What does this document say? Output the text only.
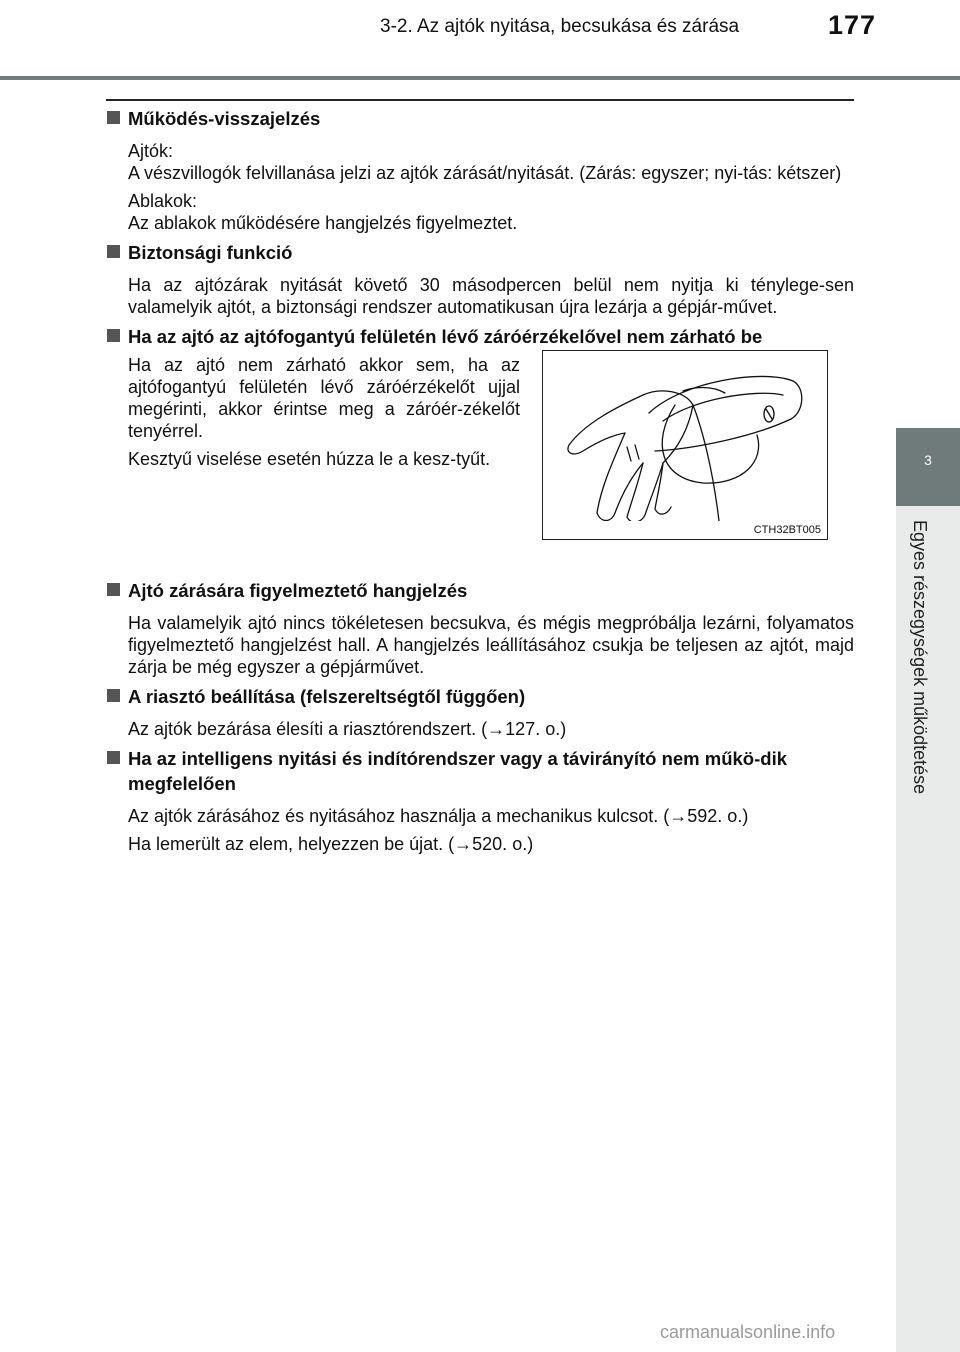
3-2. Az ajtók nyitása, becsukása és zárása	177
3
Egyes részegységek működtetése
Működés-visszajelzés

Ajtók:

A vészvillogók felvillanása jelzi az ajtók zárását/nyitását. (Zárás: egyszer; nyi-tás: kétszer)

Ablakok:

Az ablakok működésére hangjelzés figyelmeztet.

Biztonsági funkció

Ha az ajtózárak nyitását követő 30 másodpercen belül nem nyitja ki ténylege-sen valamelyik ajtót, a biztonsági rendszer automatikusan újra lezárja a gépjár-művet.

Ha az ajtó az ajtófogantyú felületén lévő záróérzékelővel nem zárható be

Ha az ajtó nem zárható akkor sem, ha az ajtófogantyú felületén lévő záróérzékelőt ujjal megérinti, akkor érintse meg a záróér-zékelőt tenyérrel.

Kesztyű viselése esetén húzza le a kesz-tyűt.

CTH32BT005
Ajtó zárására figyelmeztető hangjelzés

Ha valamelyik ajtó nincs tökéletesen becsukva, és mégis megpróbálja lezárni, folyamatos figyelmeztető hangjelzést hall. A hangjelzés leállításához csukja be teljesen az ajtót, majd zárja be még egyszer a gépjárművet.

A riasztó beállítása (felszereltségtől függően)

Az ajtók bezárása élesíti a riasztórendszert. (→127. o.)

Ha az intelligens nyitási és indítórendszer vagy a távirányító nem műkö-dik megfelelően

Az ajtók zárásához és nyitásához használja a mechanikus kulcsot. (→592. o.)

Ha lemerült az elem, helyezzen be újat. (→520. o.)

carmanualsonline.info
